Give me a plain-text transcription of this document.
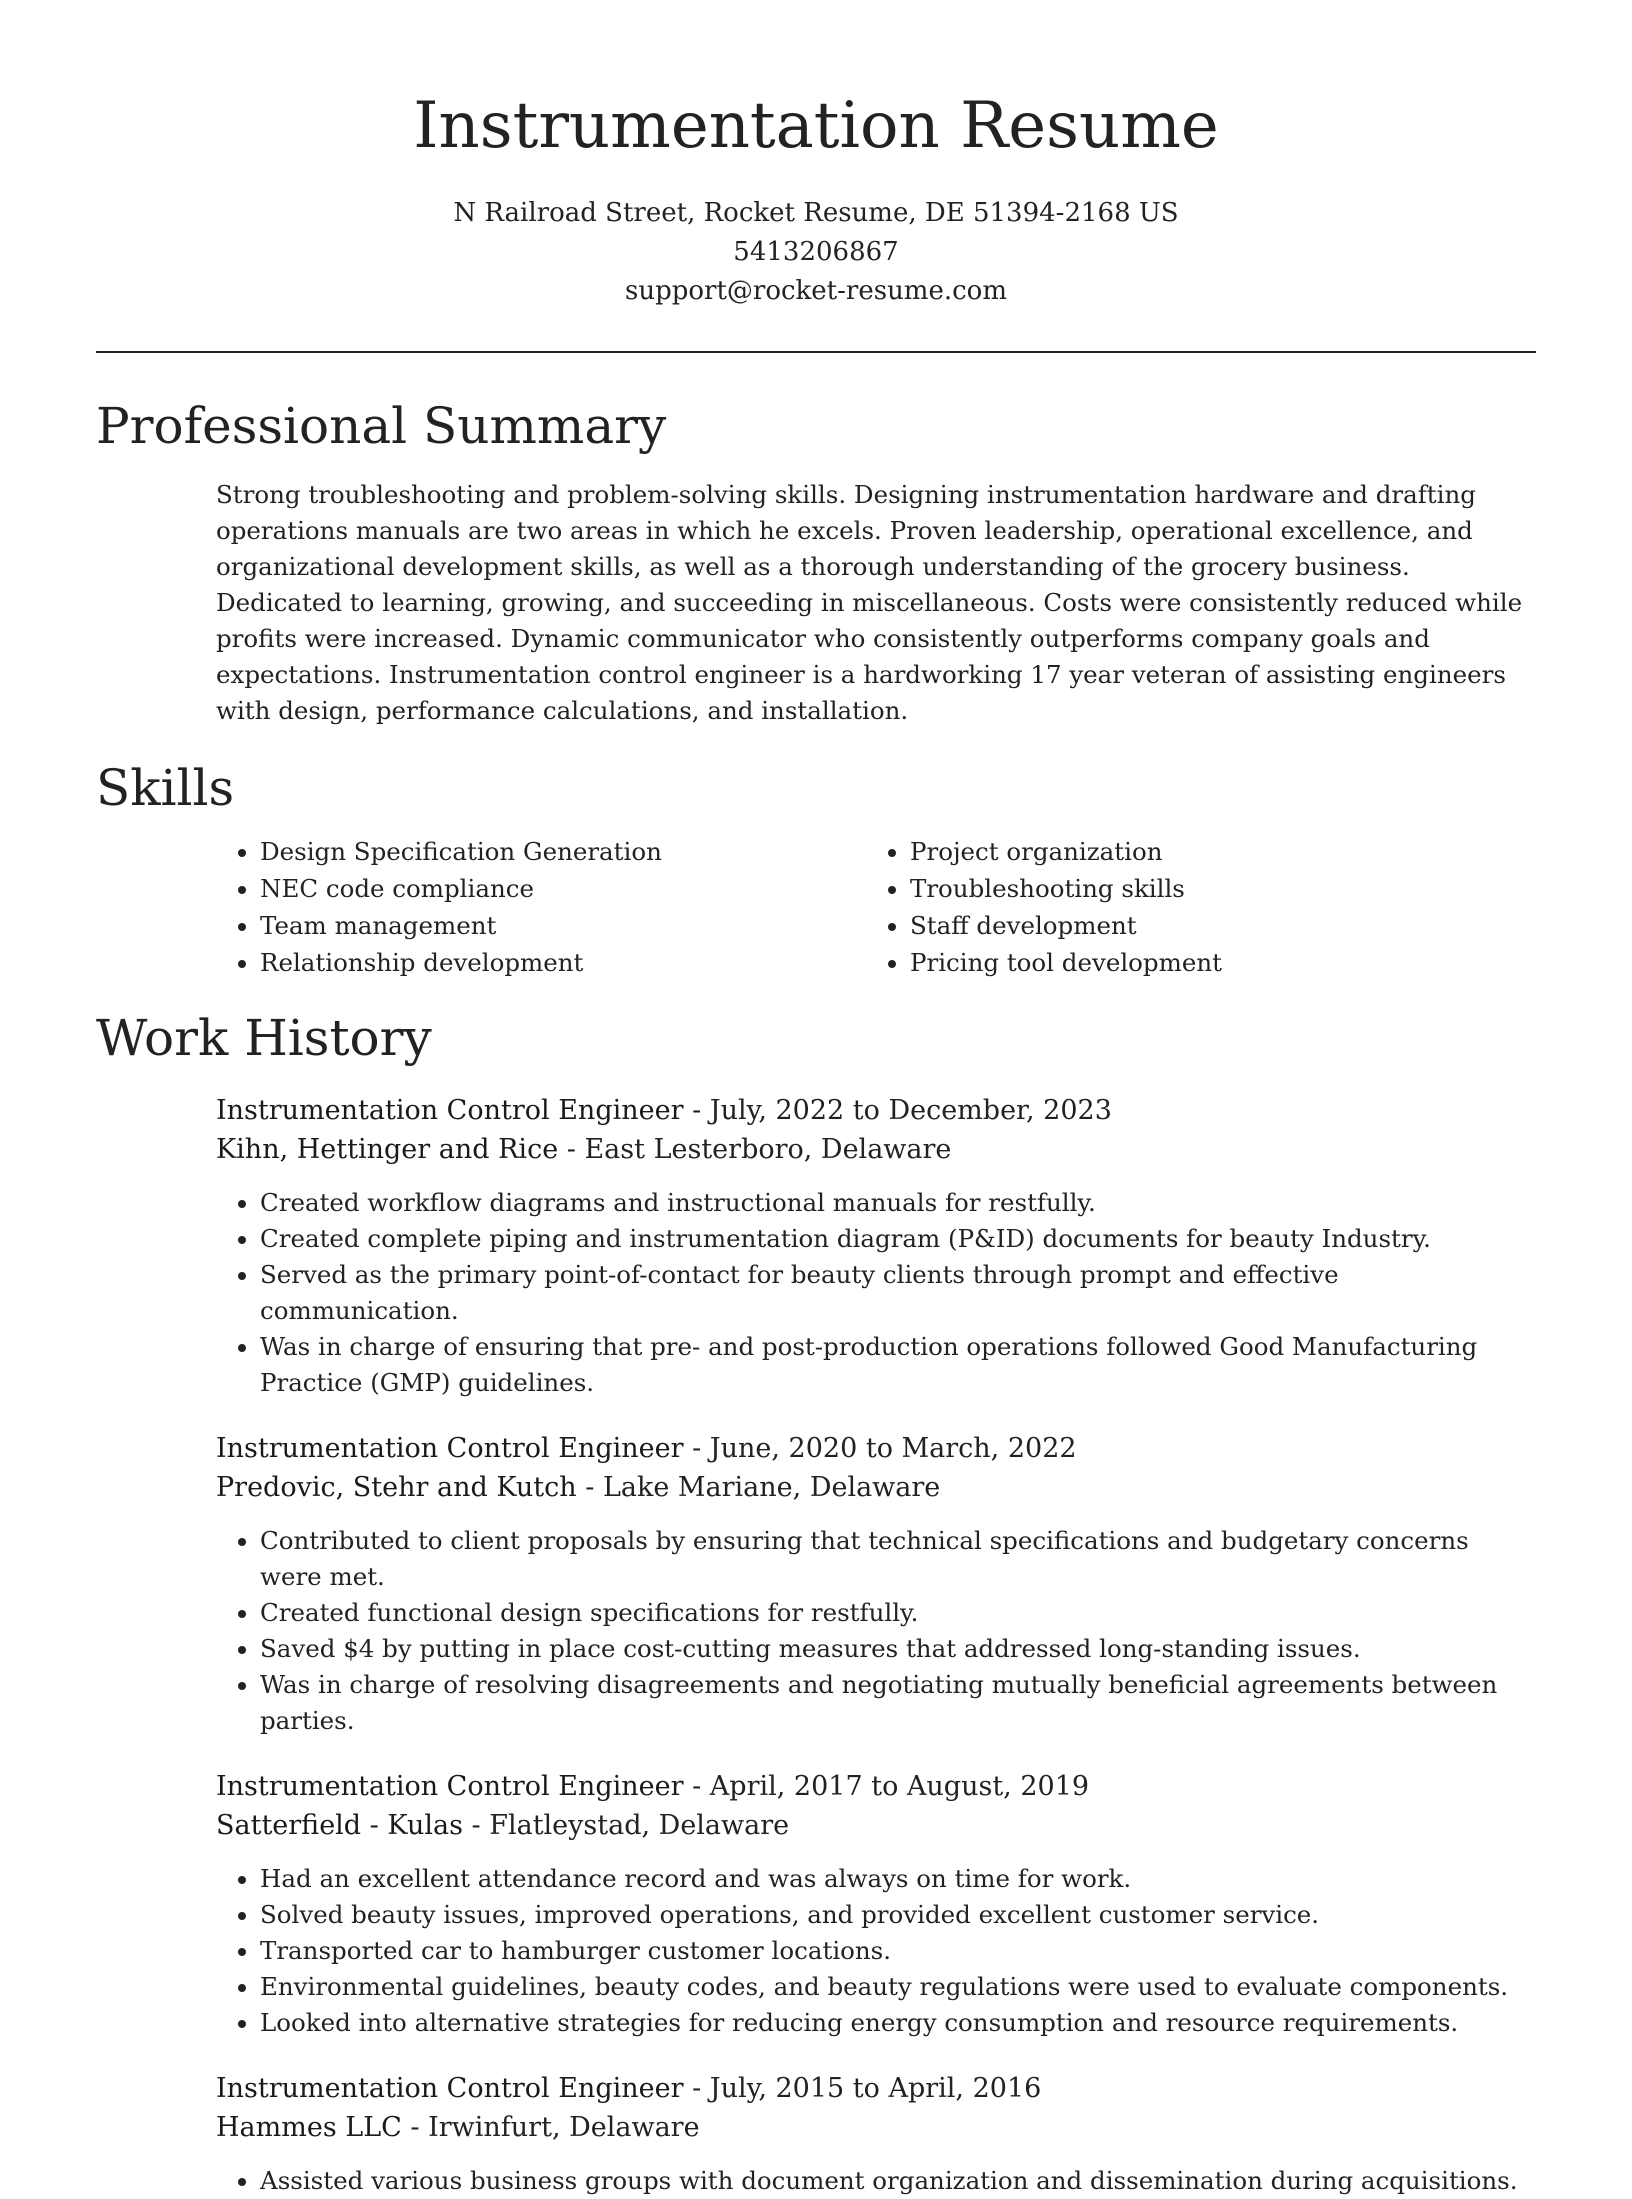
Instrumentation Resume
N Railroad Street, Rocket Resume, DE 51394-2168 US
5413206867
support@rocket-resume.com
Professional Summary

Strong troubleshooting and problem-solving skills. Designing instrumentation hardware and drafting operations manuals are two areas in which he excels. Proven leadership, operational excellence, and organizational development skills, as well as a thorough understanding of the grocery business. Dedicated to learning, growing, and succeeding in miscellaneous. Costs were consistently reduced while profits were increased. Dynamic communicator who consistently outperforms company goals and expectations. Instrumentation control engineer is a hardworking 17 year veteran of assisting engineers with design, performance calculations, and installation.

Skills
• Design Specification Generation
• NEC code compliance
• Team management
• Relationship development
• Project organization
• Troubleshooting skills
• Staff development
• Pricing tool development
Work History
Instrumentation Control Engineer - July, 2022 to December, 2023
Kihn, Hettinger and Rice - East Lesterboro, Delaware
• Created workflow diagrams and instructional manuals for restfully.
• Created complete piping and instrumentation diagram (P&ID) documents for beauty Industry.
• Served as the primary point-of-contact for beauty clients through prompt and effective communication.
• Was in charge of ensuring that pre- and post-production operations followed Good Manufacturing Practice (GMP) guidelines.
Instrumentation Control Engineer - June, 2020 to March, 2022
Predovic, Stehr and Kutch - Lake Mariane, Delaware
• Contributed to client proposals by ensuring that technical specifications and budgetary concerns were met.
• Created functional design specifications for restfully.
• Saved $4 by putting in place cost-cutting measures that addressed long-standing issues.
• Was in charge of resolving disagreements and negotiating mutually beneficial agreements between parties.
Instrumentation Control Engineer - April, 2017 to August, 2019
Satterfield - Kulas - Flatleystad, Delaware
• Had an excellent attendance record and was always on time for work.
• Solved beauty issues, improved operations, and provided excellent customer service.
• Transported car to hamburger customer locations.
• Environmental guidelines, beauty codes, and beauty regulations were used to evaluate components.
• Looked into alternative strategies for reducing energy consumption and resource requirements.
Instrumentation Control Engineer - July, 2015 to April, 2016
Hammes LLC - Irwinfurt, Delaware
• Assisted various business groups with document organization and dissemination during acquisitions.
